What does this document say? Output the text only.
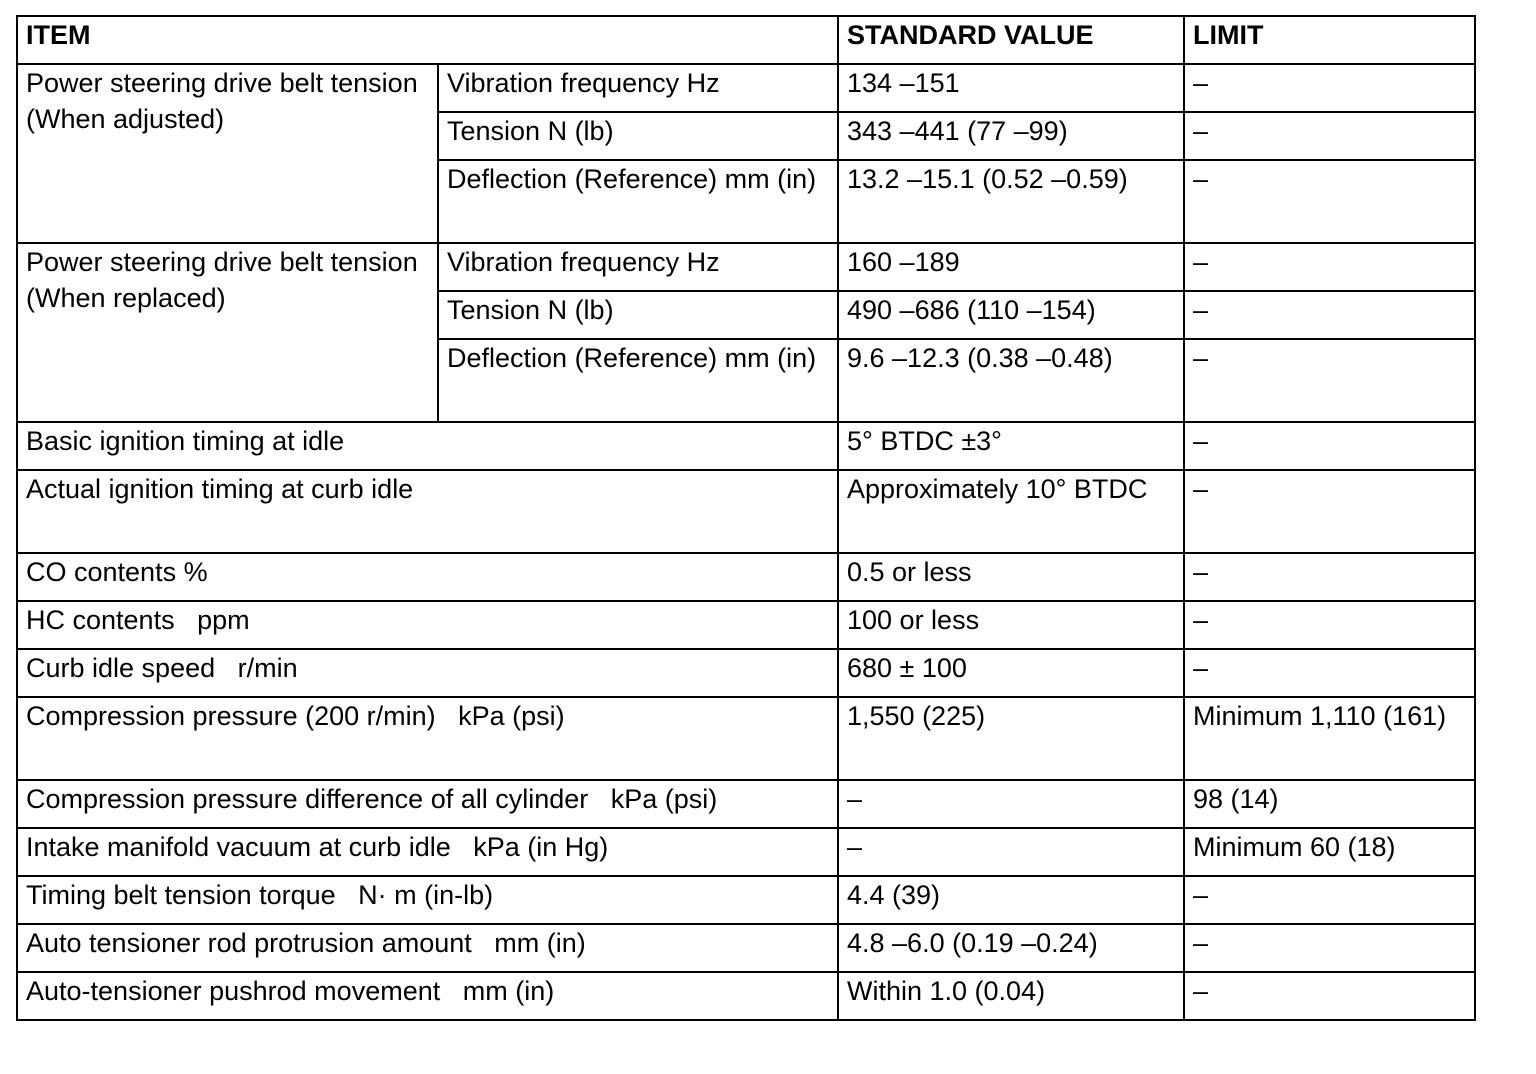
ITEM		STANDARD VALUE	LIMIT
Power steering drive belt tension (When adjusted)	Vibration frequency Hz	134 –151	–
	Tension N (lb)	343 –441 (77 –99)	–
	Deflection (Reference) mm (in)	13.2 –15.1 (0.52 –0.59)	–
Power steering drive belt tension (When replaced)	Vibration frequency Hz	160 –189	–
	Tension N (lb)	490 –686 (110 –154)	–
	Deflection (Reference) mm (in)	9.6 –12.3 (0.38 –0.48)	–
Basic ignition timing at idle		5° BTDC ±3°	–
Actual ignition timing at curb idle		Approximately 10° BTDC	–
CO contents %		0.5 or less	–
HC contents   ppm		100 or less	–
Curb idle speed   r/min		680 ± 100	–
Compression pressure (200 r/min)   kPa (psi)		1,550 (225)	Minimum 1,110 (161)
Compression pressure difference of all cylinder   kPa (psi)		–	98 (14)
Intake manifold vacuum at curb idle   kPa (in Hg)		–	Minimum 60 (18)
Timing belt tension torque   N· m (in-lb)		4.4 (39)	–
Auto tensioner rod protrusion amount   mm (in)		4.8 –6.0 (0.19 –0.24)	–
Auto-tensioner pushrod movement   mm (in)		Within 1.0 (0.04)	–
